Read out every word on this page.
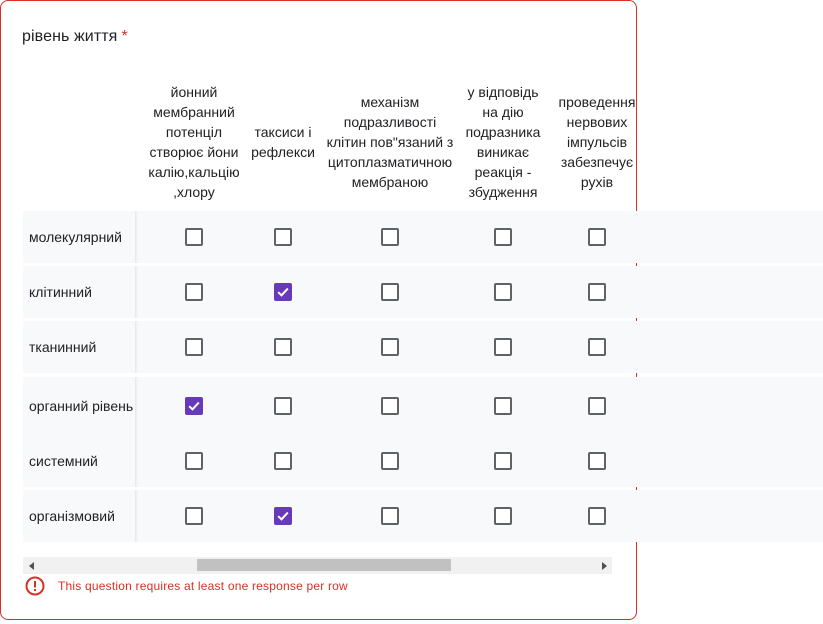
рівень життя *
йонний мембранний потенціл створює йони калію,кальцію ,хлору
таксиси і рефлекси
механізм подразливості клітин пов"язаний з цитоплазматичною мембраною
у відповідь на дію подразника виникає реакція - збудження
проведення нервових імпульсів забезпечує рухів
молекулярний
клітинний
тканинний
органний рівень
системний
організмовий
This question requires at least one response per row
